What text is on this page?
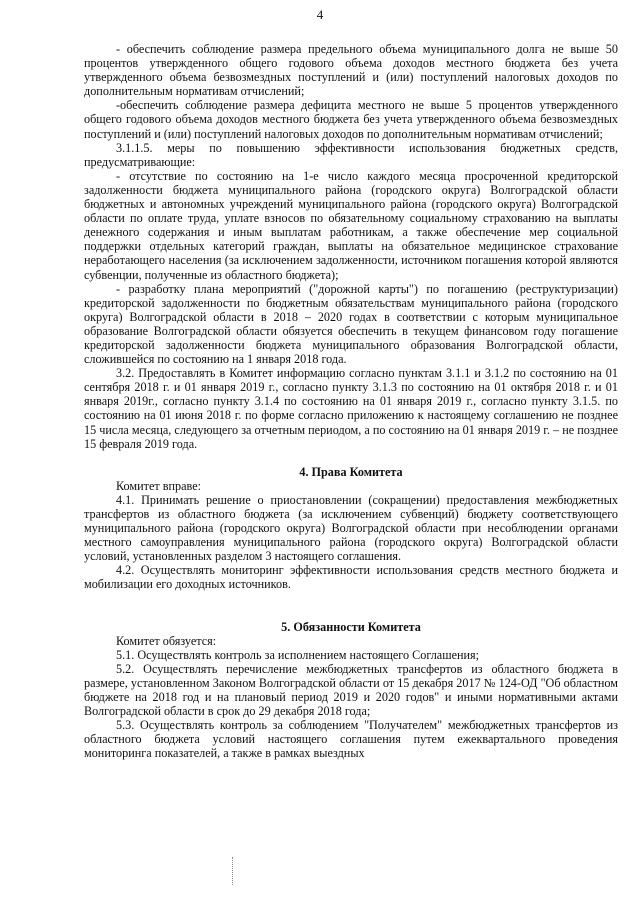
4

- обеспечить соблюдение размера предельного объема муниципального долга не выше 50 процентов утвержденного общего годового объема доходов местного бюджета без учета утвержденного объема безвозмездных поступлений и (или) поступлений налоговых доходов по дополнительным нормативам отчислений;

-обеспечить соблюдение размера дефицита местного не выше 5 процентов утвержденного общего годового объема доходов местного бюджета без учета утвержденного объема безвозмездных поступлений и (или) поступлений налоговых доходов по дополнительным нормативам отчислений;

3.1.1.5. меры по повышению эффективности использования бюджетных средств, предусматривающие:

- отсутствие по состоянию на 1-е число каждого месяца просроченной кредиторской задолженности бюджета муниципального района (городского округа) Волгоградской области бюджетных и автономных учреждений муниципального района (городского округа) Волгоградской области по оплате труда, уплате взносов по обязательному социальному страхованию на выплаты денежного содержания и иным выплатам работникам, а также обеспечение мер социальной поддержки отдельных категорий граждан, выплаты на обязательное медицинское страхование неработающего населения (за исключением задолженности, источником погашения которой являются субвенции, полученные из областного бюджета);

- разработку плана мероприятий ("дорожной карты") по погашению (реструктуризации) кредиторской задолженности по бюджетным обязательствам муниципального района (городского округа) Волгоградской области в 2018 – 2020 годах в соответствии с которым муниципальное образование Волгоградской области обязуется обеспечить в текущем финансовом году погашение кредиторской задолженности бюджета муниципального образования Волгоградской области, сложившейся по состоянию на 1 января 2018 года.

3.2. Предоставлять в Комитет информацию согласно пунктам 3.1.1 и 3.1.2 по состоянию на 01 сентября 2018 г. и 01 января 2019 г., согласно пункту 3.1.3 по состоянию на 01 октября 2018 г. и 01 января 2019г., согласно пункту 3.1.4 по состоянию на 01 января 2019 г., согласно пункту 3.1.5. по состоянию на 01 июня 2018 г. по форме согласно приложению к настоящему соглашению не позднее 15 числа месяца, следующего за отчетным периодом, а по состоянию на 01 января 2019 г. – не позднее 15 февраля 2019 года.

4. Права Комитета

Комитет вправе:

4.1. Принимать решение о приостановлении (сокращении) предоставления межбюджетных трансфертов из областного бюджета (за исключением субвенций) бюджету соответствующего муниципального района (городского округа) Волгоградской области при несоблюдении органами местного самоуправления муниципального района (городского округа) Волгоградской области условий, установленных разделом 3 настоящего соглашения.

4.2. Осуществлять мониторинг эффективности использования средств местного бюджета и мобилизации его доходных источников.

5. Обязанности Комитета

Комитет обязуется:

5.1. Осуществлять контроль за исполнением настоящего Соглашения;

5.2. Осуществлять перечисление межбюджетных трансфертов из областного бюджета в размере, установленном Законом Волгоградской области от 15 декабря 2017 № 124-ОД "Об областном бюджете на 2018 год и на плановый период 2019 и 2020 годов" и иными нормативными актами Волгоградской области в срок до 29 декабря 2018 года;

5.3. Осуществлять контроль за соблюдением "Получателем" межбюджетных трансфертов из областного бюджета условий настоящего соглашения путем ежеквартального проведения мониторинга показателей, а также в рамках выездных
